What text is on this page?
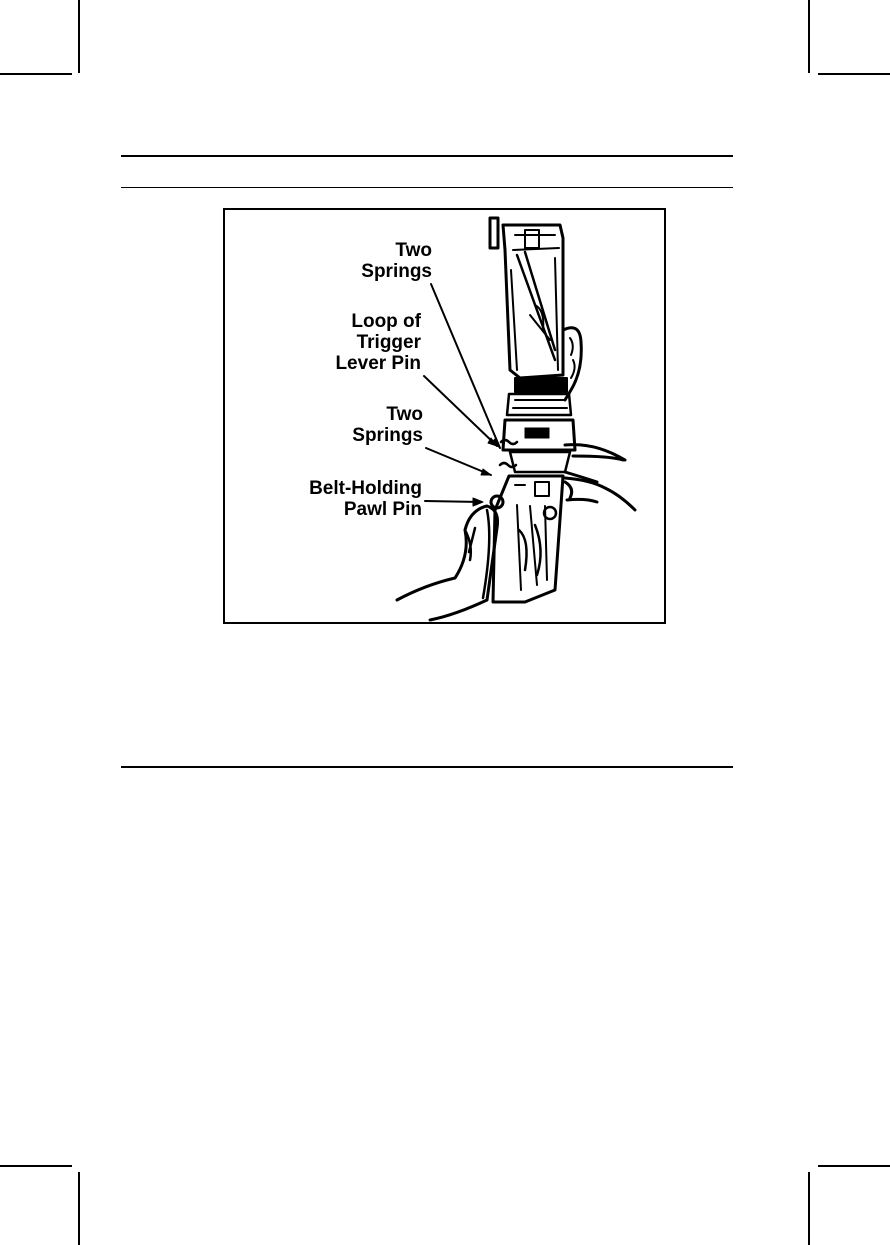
Two
Springs
Loop of
Trigger
Lever Pin
Two
Springs
Belt-Holding
Pawl Pin
